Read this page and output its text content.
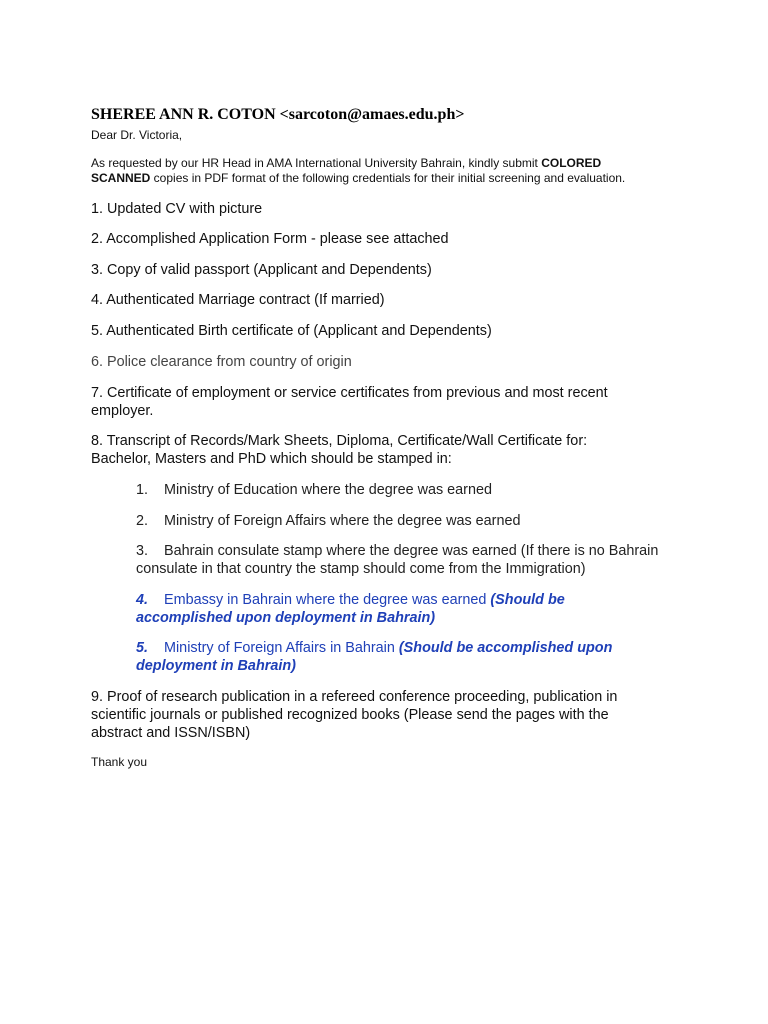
SHEREE ANN R. COTON <sarcoton@amaes.edu.ph>
Dear Dr. Victoria,
As requested by our HR Head in AMA International University Bahrain, kindly submit COLORED
SCANNED copies in PDF format of the following credentials for their initial screening and evaluation.
1. Updated CV with picture
2. Accomplished Application Form - please see attached
3. Copy of valid passport (Applicant and Dependents)
4. Authenticated Marriage contract (If married)
5. Authenticated Birth certificate of (Applicant and Dependents)
6. Police clearance from country of origin
7. Certificate of employment or service certificates from previous and most recent employer.
8. Transcript of Records/Mark Sheets, Diploma, Certificate/Wall Certificate for: Bachelor, Masters and PhD which should be stamped in:
1. Ministry of Education where the degree was earned
2. Ministry of Foreign Affairs where the degree was earned
3. Bahrain consulate stamp where the degree was earned (If there is no Bahrain consulate in that country the stamp should come from the Immigration)
4. Embassy in Bahrain where the degree was earned (Should be accomplished upon deployment in Bahrain)
5. Ministry of Foreign Affairs in Bahrain (Should be accomplished upon deployment in Bahrain)
9. Proof of research publication in a refereed conference proceeding, publication in scientific journals or published recognized books (Please send the pages with the abstract and ISSN/ISBN)
Thank you
